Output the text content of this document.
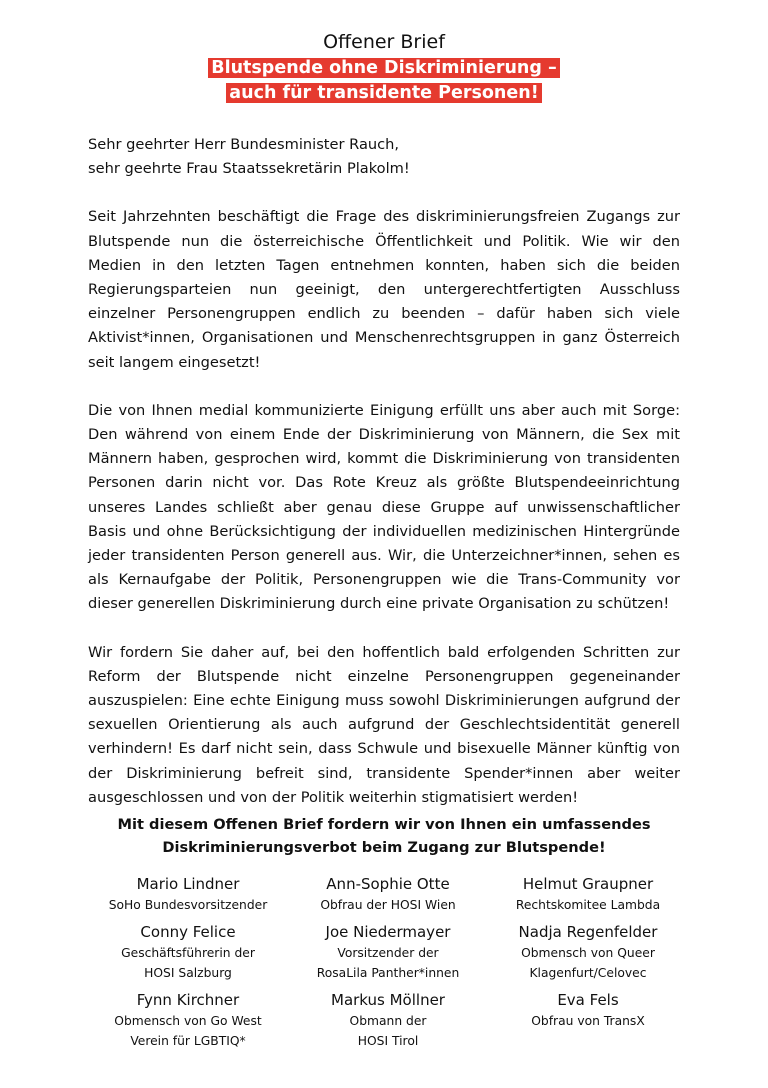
Offener Brief
Blutspende ohne Diskriminierung –
auch für transidente Personen!

Sehr geehrter Herr Bundesminister Rauch,
sehr geehrte Frau Staatssekretärin Plakolm!

Seit Jahrzehnten beschäftigt die Frage des diskriminierungsfreien Zugangs zur Blutspende nun die österreichische Öffentlichkeit und Politik. Wie wir den Medien in den letzten Tagen entnehmen konnten, haben sich die beiden Regierungsparteien nun geeinigt, den untergerechtfertigten Ausschluss einzelner Personengruppen endlich zu beenden – dafür haben sich viele Aktivist*innen, Organisationen und Menschenrechtsgruppen in ganz Österreich seit langem eingesetzt!

Die von Ihnen medial kommunizierte Einigung erfüllt uns aber auch mit Sorge: Den während von einem Ende der Diskriminierung von Männern, die Sex mit Männern haben, gesprochen wird, kommt die Diskriminierung von transidenten Personen darin nicht vor. Das Rote Kreuz als größte Blutspendeeinrichtung unseres Landes schließt aber genau diese Gruppe auf unwissenschaftlicher Basis und ohne Berücksichtigung der individuellen medizinischen Hintergründe jeder transidenten Person generell aus. Wir, die Unterzeichner*innen, sehen es als Kernaufgabe der Politik, Personengruppen wie die Trans-Community vor dieser generellen Diskriminierung durch eine private Organisation zu schützen!

Wir fordern Sie daher auf, bei den hoffentlich bald erfolgenden Schritten zur Reform der Blutspende nicht einzelne Personengruppen gegeneinander auszuspielen: Eine echte Einigung muss sowohl Diskriminierungen aufgrund der sexuellen Orientierung als auch aufgrund der Geschlechtsidentität generell verhindern! Es darf nicht sein, dass Schwule und bisexuelle Männer künftig von der Diskriminierung befreit sind, transidente Spender*innen aber weiter ausgeschlossen und von der Politik weiterhin stigmatisiert werden!

Mit diesem Offenen Brief fordern wir von Ihnen ein umfassendes
Diskriminierungsverbot beim Zugang zur Blutspende!
Mario Lindner
SoHo Bundesvorsitzender
Ann-Sophie Otte
Obfrau der HOSI Wien
Helmut Graupner
Rechtskomitee Lambda
Conny Felice
Geschäftsführerin der
HOSI Salzburg
Joe Niedermayer
Vorsitzender der
RosaLila Panther*innen
Nadja Regenfelder
Obmensch von Queer
Klagenfurt/Celovec
Fynn Kirchner
Obmensch von Go West
Verein für LGBTIQ*
Markus Möllner
Obmann der
HOSI Tirol
Eva Fels
Obfrau von TransX
